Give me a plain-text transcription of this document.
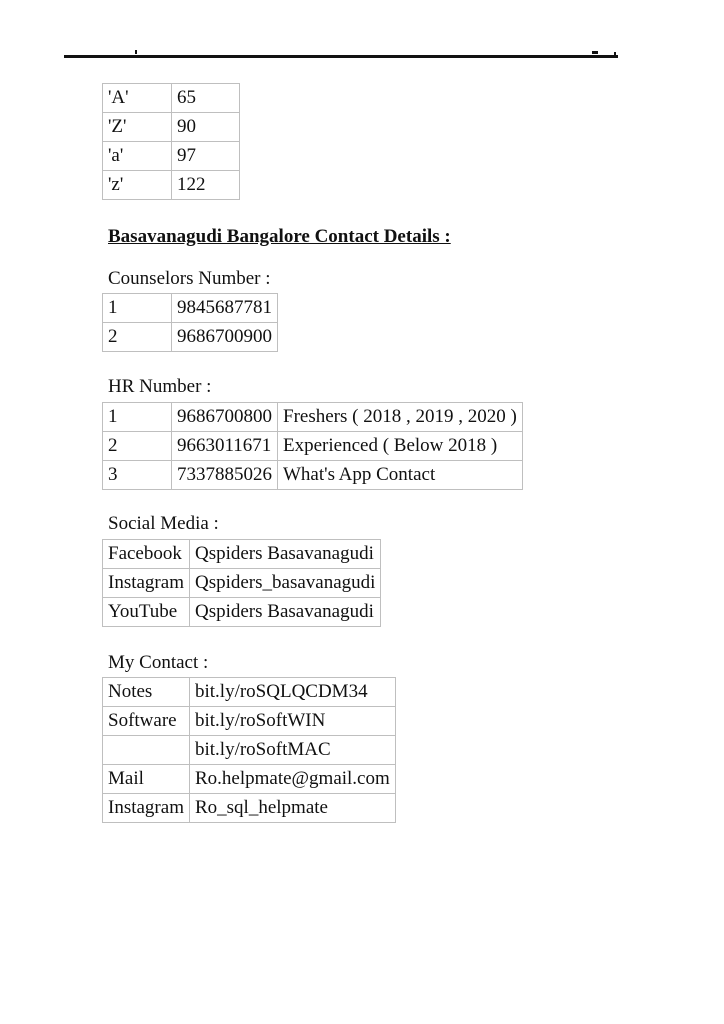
'A'	65
'Z'	90
'a'	97
'z'	122
Basavanagudi Bangalore Contact Details :
Counselors Number :
1	9845687781
2	9686700900
HR Number :
1	9686700800	Freshers ( 2018 , 2019 , 2020 )
2	9663011671	Experienced ( Below 2018 )
3	7337885026	What's App Contact
Social Media :
Facebook	Qspiders Basavanagudi
Instagram	Qspiders_basavanagudi
YouTube	Qspiders Basavanagudi
My Contact :
Notes	bit.ly/roSQLQCDM34
Software	bit.ly/roSoftWIN
	bit.ly/roSoftMAC
Mail	Ro.helpmate@gmail.com
Instagram	Ro_sql_helpmate
